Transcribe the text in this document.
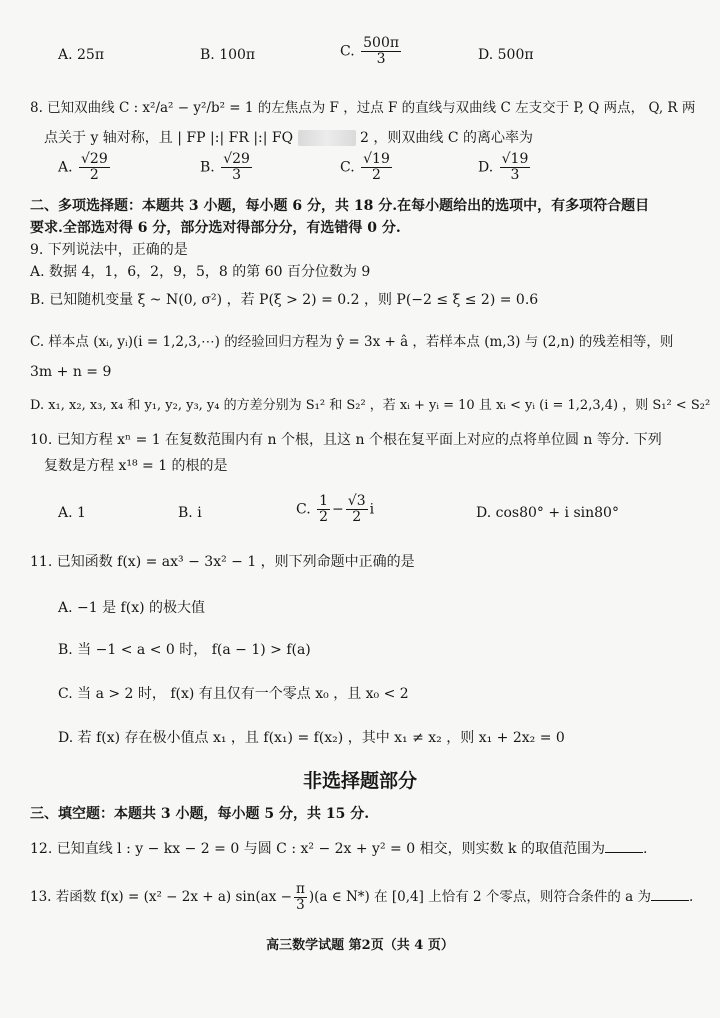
A. 25π	B. 100π	C. $\frac{500\pi}{3}$	D. 500π
8. 已知双曲线 C : x²/a² − y²/b² = 1 的左焦点为 F ，过点 F 的直线与双曲线 C 左支交于 P, Q 两点， Q, R 两
点关于 y 轴对称，且 | FP |:| FR |:| FQ	2 ，则双曲线 C 的离心率为
A. $\frac{√29}{2}$	B. $\frac{√29}{3}$	C. $\frac{√19}{2}$	D. $\frac{√19}{3}$
二、多项选择题：本题共 3 小题，每小题 6 分，共 18 分.在每小题给出的选项中，有多项符合题目
要求.全部选对得 6 分，部分选对得部分分，有选错得 0 分.
9. 下列说法中，正确的是
A. 数据 4，1，6，2，9，5，8 的第 60 百分位数为 9
B. 已知随机变量 ξ ~ N(0, σ²) ，若 P(ξ > 2) = 0.2 ，则 P(−2 ≤ ξ ≤ 2) = 0.6
C. 样本点 (xᵢ, yᵢ)(i = 1,2,3,⋯) 的经验回归方程为 ŷ = 3x + â ，若样本点 (m,3) 与 (2,n) 的残差相等，则
3m + n = 9
D. x₁, x₂, x₃, x₄ 和 y₁, y₂, y₃, y₄ 的方差分别为 S₁² 和 S₂² ，若 xᵢ + yᵢ = 10 且 xᵢ < yᵢ (i = 1,2,3,4) ，则 S₁² < S₂²
10. 已知方程 xⁿ = 1 在复数范围内有 n 个根，且这 n 个根在复平面上对应的点将单位圆 n 等分. 下列
复数是方程 x¹⁸ = 1 的根的是
A. 1	B. i	C. $\frac{1}{2} - \frac{√3}{2}$ i	D. cos80° + i sin80°
11. 已知函数 f(x) = ax³ − 3x² − 1 ，则下列命题中正确的是
A. −1 是 f(x) 的极大值
B. 当 −1 < a < 0 时， f(a − 1) > f(a)
C. 当 a > 2 时， f(x) 有且仅有一个零点 x₀ ，且 x₀ < 2
D. 若 f(x) 存在极小值点 x₁ ，且 f(x₁) = f(x₂) ，其中 x₁ ≠ x₂ ，则 x₁ + 2x₂ = 0
非选择题部分
三、填空题：本题共 3 小题，每小题 5 分，共 15 分.
12. 已知直线 l : y − kx − 2 = 0 与圆 C : x² − 2x + y² = 0 相交，则实数 k 的取值范围为	.
13. 若函数 f(x) = (x² − 2x + a) $\sin(ax - \frac{\pi}{3} )(a$ ∈ N*) 在 [0,4] 上恰有 2 个零点，则符合条件的 a 为	.
高三数学试题 第2页（共 4 页）
